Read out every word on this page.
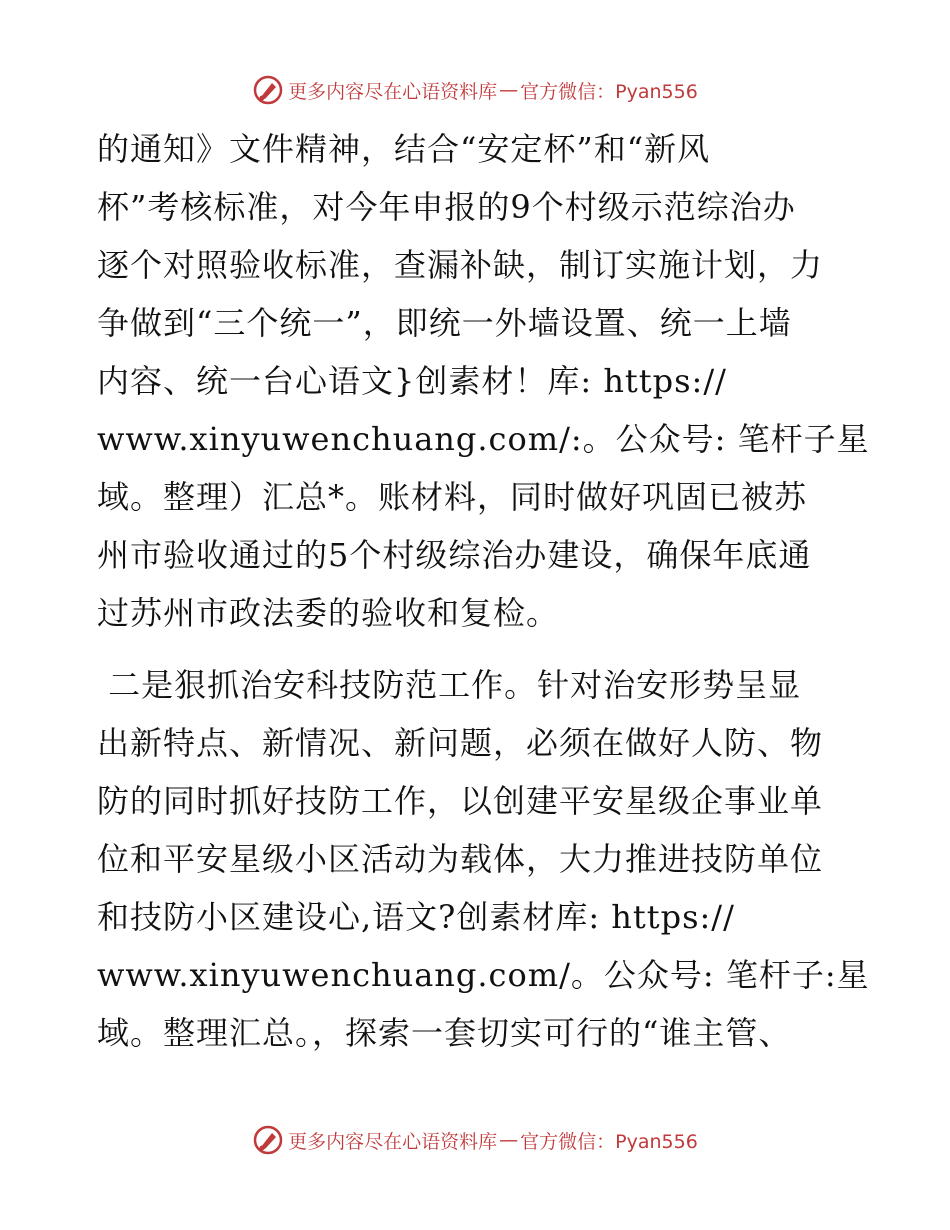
更多内容尽在心语资料库 — 官方微信：Pyan556
的通知》文件精神，结合“安定杯”和“新风
杯”考核标准，对今年申报的9个村级示范综治办
逐个对照验收标准，查漏补缺，制订实施计划，力
争做到“三个统一”，即统一外墙设置、统一上墙
内容、统一台心语文}创素材！库: https://
www.xinyuwenchuang.com/:。公众号: 笔杆子星
域。整理）汇总*。账材料，同时做好巩固已被苏
州市验收通过的5个村级综治办建设，确保年底通
过苏州市政法委的验收和复检。
二是狠抓治安科技防范工作。针对治安形势呈显
出新特点、新情况、新问题，必须在做好人防、物
防的同时抓好技防工作，以创建平安星级企事业单
位和平安星级小区活动为载体，大力推进技防单位
和技防小区建设心,语文?创素材库: https://
www.xinyuwenchuang.com/。公众号: 笔杆子:星
域。整理汇总。，探索一套切实可行的“谁主管、
更多内容尽在心语资料库 — 官方微信：Pyan556
